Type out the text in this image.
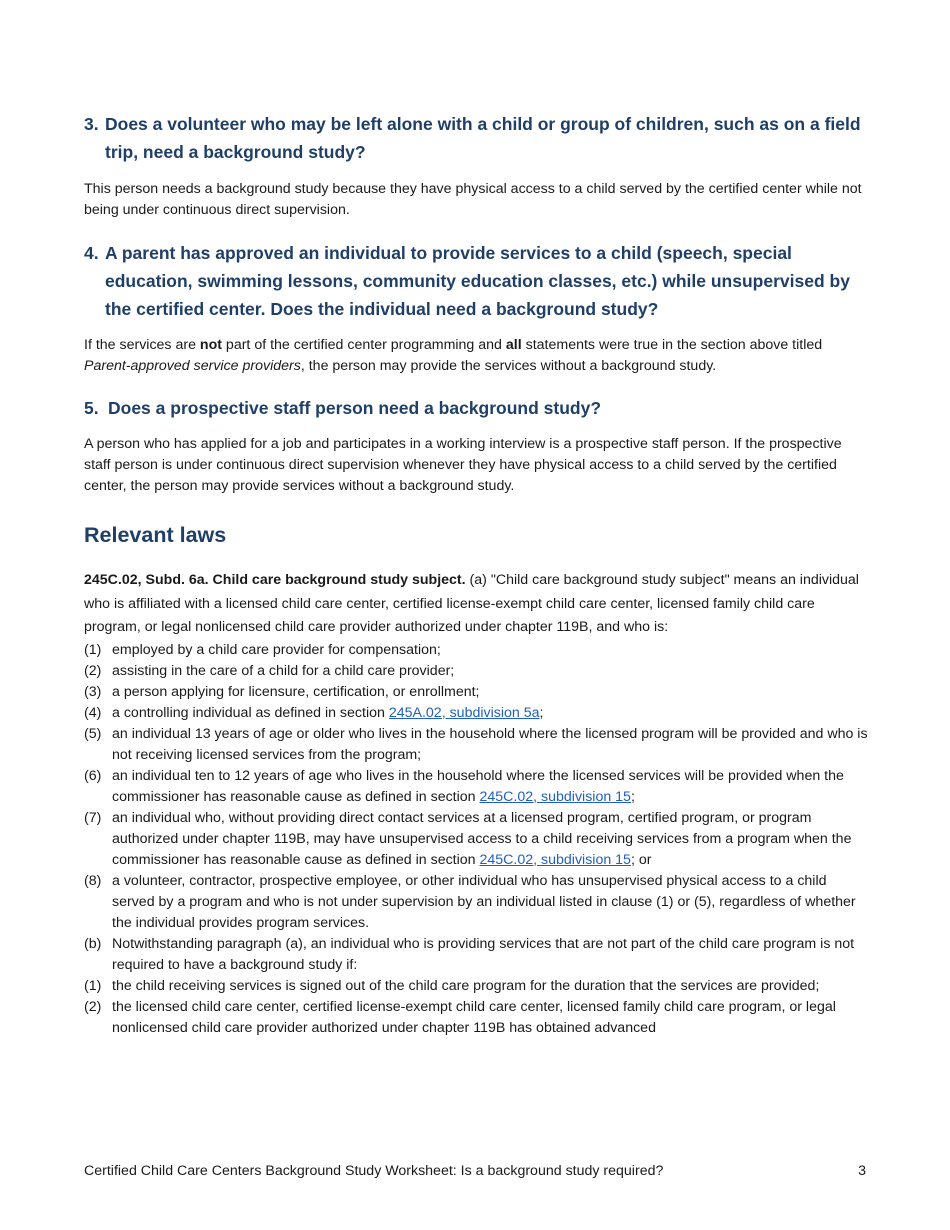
3. Does a volunteer who may be left alone with a child or group of children, such as on a field trip, need a background study?

This person needs a background study because they have physical access to a child served by the certified center while not being under continuous direct supervision.

4. A parent has approved an individual to provide services to a child (speech, special education, swimming lessons, community education classes, etc.) while unsupervised by the certified center. Does the individual need a background study?

If the services are not part of the certified center programming and all statements were true in the section above titled Parent-approved service providers, the person may provide the services without a background study.

5. Does a prospective staff person need a background study?

A person who has applied for a job and participates in a working interview is a prospective staff person. If the prospective staff person is under continuous direct supervision whenever they have physical access to a child served by the certified center, the person may provide services without a background study.

Relevant laws

245C.02, Subd. 6a. Child care background study subject. (a) "Child care background study subject" means an individual who is affiliated with a licensed child care center, certified license-exempt child care center, licensed family child care program, or legal nonlicensed child care provider authorized under chapter 119B, and who is:

(1) employed by a child care provider for compensation;
(2) assisting in the care of a child for a child care provider;
(3) a person applying for licensure, certification, or enrollment;
(4) a controlling individual as defined in section 245A.02, subdivision 5a;
(5) an individual 13 years of age or older who lives in the household where the licensed program will be provided and who is not receiving licensed services from the program;
(6) an individual ten to 12 years of age who lives in the household where the licensed services will be provided when the commissioner has reasonable cause as defined in section 245C.02, subdivision 15;
(7) an individual who, without providing direct contact services at a licensed program, certified program, or program authorized under chapter 119B, may have unsupervised access to a child receiving services from a program when the commissioner has reasonable cause as defined in section 245C.02, subdivision 15; or
(8) a volunteer, contractor, prospective employee, or other individual who has unsupervised physical access to a child served by a program and who is not under supervision by an individual listed in clause (1) or (5), regardless of whether the individual provides program services.
(b) Notwithstanding paragraph (a), an individual who is providing services that are not part of the child care program is not required to have a background study if:
(1) the child receiving services is signed out of the child care program for the duration that the services are provided;
(2) the licensed child care center, certified license-exempt child care center, licensed family child care program, or legal nonlicensed child care provider authorized under chapter 119B has obtained advanced
Certified Child Care Centers Background Study Worksheet: Is a background study required?	3
